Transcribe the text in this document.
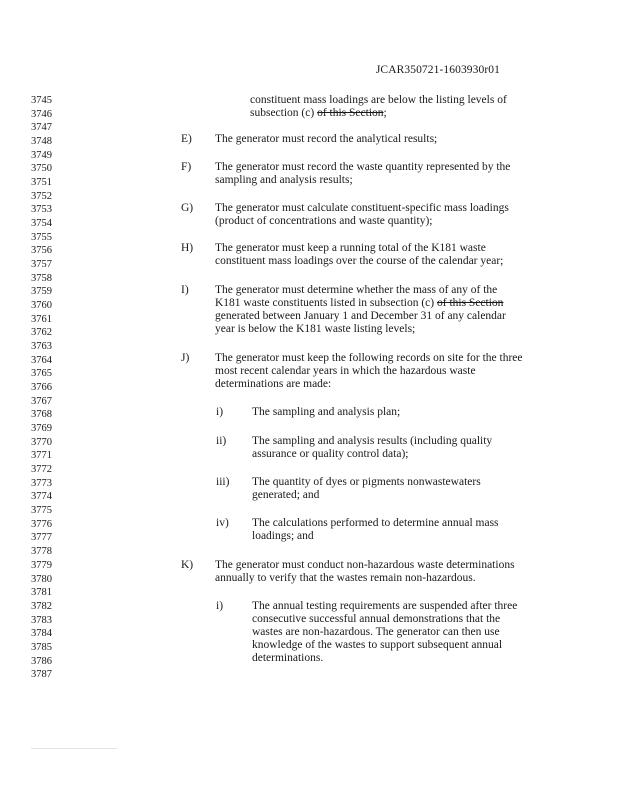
JCAR350721-1603930r01
3745
3746
3747
3748
3749
3750
3751
3752
3753
3754
3755
3756
3757
3758
3759
3760
3761
3762
3763
3764
3765
3766
3767
3768
3769
3770
3771
3772
3773
3774
3775
3776
3777
3778
3779
3780
3781
3782
3783
3784
3785
3786
3787
constituent mass loadings are below the listing levels of
subsection (c) of this Section;
E) The generator must record the analytical results;
F) The generator must record the waste quantity represented by the
sampling and analysis results;
G) The generator must calculate constituent-specific mass loadings
(product of concentrations and waste quantity);
H) The generator must keep a running total of the K181 waste
constituent mass loadings over the course of the calendar year;
I) The generator must determine whether the mass of any of the
K181 waste constituents listed in subsection (c) of this Section
generated between January 1 and December 31 of any calendar
year is below the K181 waste listing levels;
J) The generator must keep the following records on site for the three
most recent calendar years in which the hazardous waste
determinations are made:
i)	The sampling and analysis plan;
ii) The sampling and analysis results (including quality
assurance or quality control data);
iii) The quantity of dyes or pigments nonwastewaters
generated; and
iv) The calculations performed to determine annual mass
loadings; and
K) The generator must conduct non-hazardous waste determinations
annually to verify that the wastes remain non-hazardous.
i)	The annual testing requirements are suspended after three
consecutive successful annual demonstrations that the
wastes are non-hazardous. The generator can then use
knowledge of the wastes to support subsequent annual
determinations.
